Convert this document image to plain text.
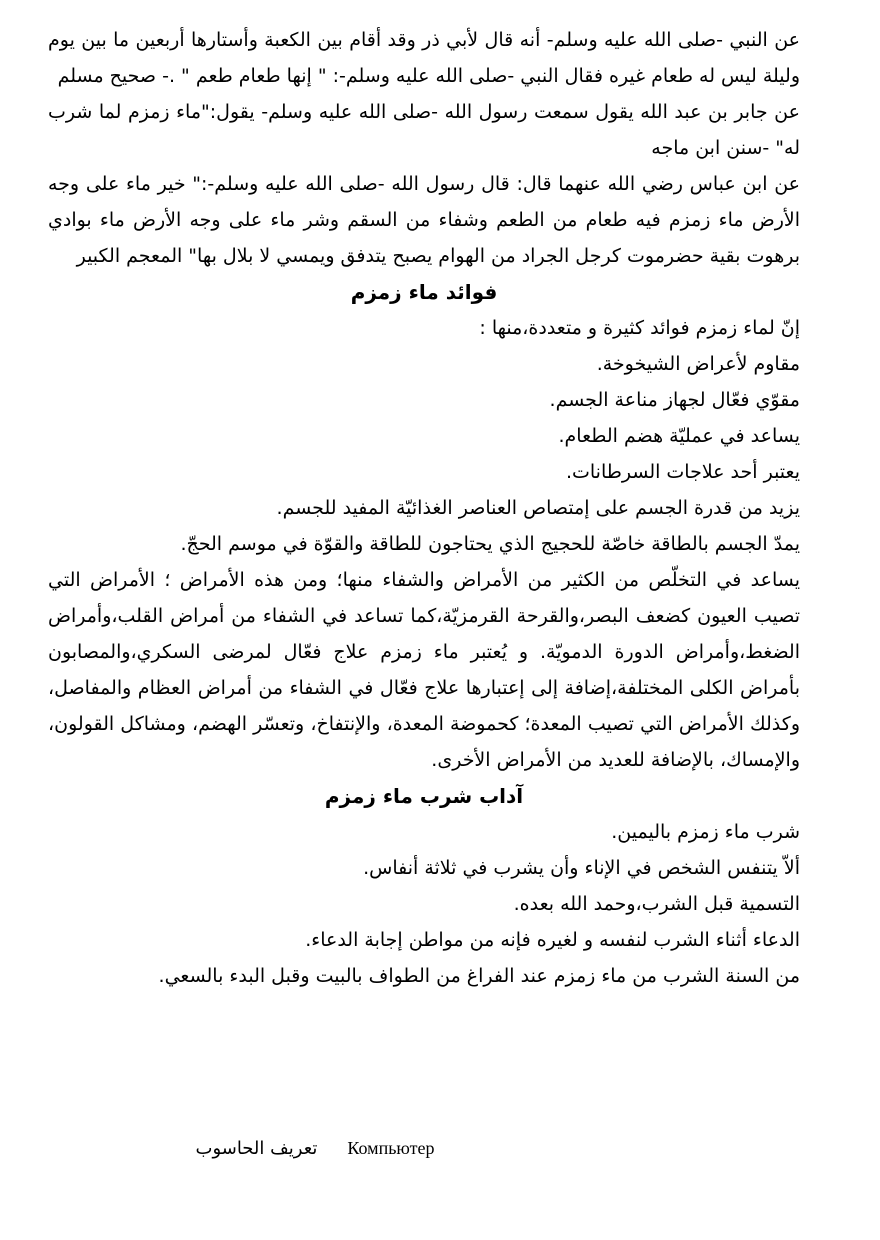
عن النبي -صلى الله عليه وسلم- أنه قال لأبي ذر وقد أقام بين الكعبة وأستارها أربعين ما بين يوم وليلة ليس له طعام غيره فقال النبي -صلى الله عليه وسلم-: " إنها طعام طعم " .- صحيح مسلم

عن جابر بن عبد الله يقول سمعت رسول الله -صلى الله عليه وسلم- يقول:"ماء زمزم لما شرب له" -سنن ابن ماجه

عن ابن عباس رضي الله عنهما قال: قال رسول الله -صلى الله عليه وسلم-:" خير ماء على وجه الأرض ماء زمزم فيه طعام من الطعم وشفاء من السقم وشر ماء على وجه الأرض ماء بوادي برهوت بقية حضرموت كرجل الجراد من الهوام يصبح يتدفق ويمسي لا بلال بها" المعجم الكبير

فوائد ماء زمزم

إنّ لماء زمزم فوائد كثيرة و متعددة،منها :

مقاوم لأعراض الشيخوخة.
مقوّي فعّال لجهاز مناعة الجسم.
يساعد في عمليّة هضم الطعام.
يعتبر أحد علاجات السرطانات.
يزيد من قدرة الجسم على إمتصاص العناصر الغذائيّة المفيد للجسم.
يمدّ الجسم بالطاقة خاصّة للحجيج الذي يحتاجون للطاقة والقوّة في موسم الحجّ.

يساعد في التخلّص من الكثير من الأمراض والشفاء منها؛ ومن هذه الأمراض ؛ الأمراض التي تصيب العيون كضعف البصر،والقرحة القرمزيّة،كما تساعد في الشفاء من أمراض القلب،وأمراض الضغط،وأمراض الدورة الدمويّة. و يُعتبر ماء زمزم علاج فعّال لمرضى السكري،والمصابون بأمراض الكلى المختلفة،إضافة إلى إعتبارها علاج فعّال في الشفاء من أمراض العظام والمفاصل، وكذلك الأمراض التي تصيب المعدة؛ كحموضة المعدة، والإنتفاخ، وتعسّر الهضم، ومشاكل القولون، والإمساك، بالإضافة للعديد من الأمراض الأخرى.

آداب شرب ماء زمزم
شرب ماء زمزم باليمين.
ألاّ يتنفس الشخص في الإناء وأن يشرب في ثلاثة أنفاس.
التسمية قبل الشرب،وحمد الله بعده.
الدعاء أثناء الشرب لنفسه و لغيره فإنه من مواطن إجابة الدعاء.
من السنة الشرب من ماء زمزم عند الفراغ من الطواف بالبيت وقبل البدء بالسعي.
تعريف الحاسوب Компьютер
